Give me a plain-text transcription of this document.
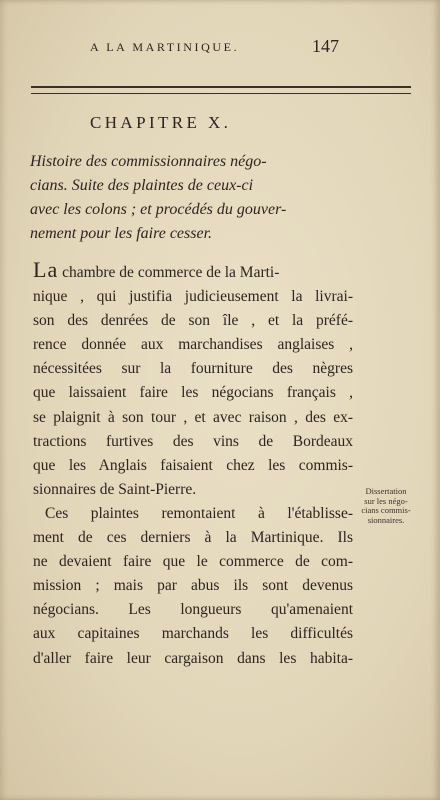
A LA MARTINIQUE.	147
CHAPITRE X.
Histoire des commissionnaires négo-
cians. Suite des plaintes de ceux-ci
avec les colons ; et procédés du gouver-
nement pour les faire cesser.
La chambre de commerce de la Marti-
nique , qui justifia judicieusement la livrai-
son des denrées de son île , et la préfé-
rence donnée aux marchandises anglaises ,
nécessitées sur la fourniture des nègres
que laissaient faire les négocians français ,
se plaignit à son tour , et avec raison , des ex-
tractions furtives des vins de Bordeaux
que les Anglais faisaient chez les commis-
sionnaires de Saint-Pierre.
Ces plaintes remontaient à l'établisse-
ment de ces derniers à la Martinique. Ils
ne devaient faire que le commerce de com-
mission ; mais par abus ils sont devenus
négocians. Les longueurs qu'amenaient
aux capitaines marchands les difficultés
d'aller faire leur cargaison dans les habita-
Dissertation
sur les négo-
cians commis-
sionnaires.
